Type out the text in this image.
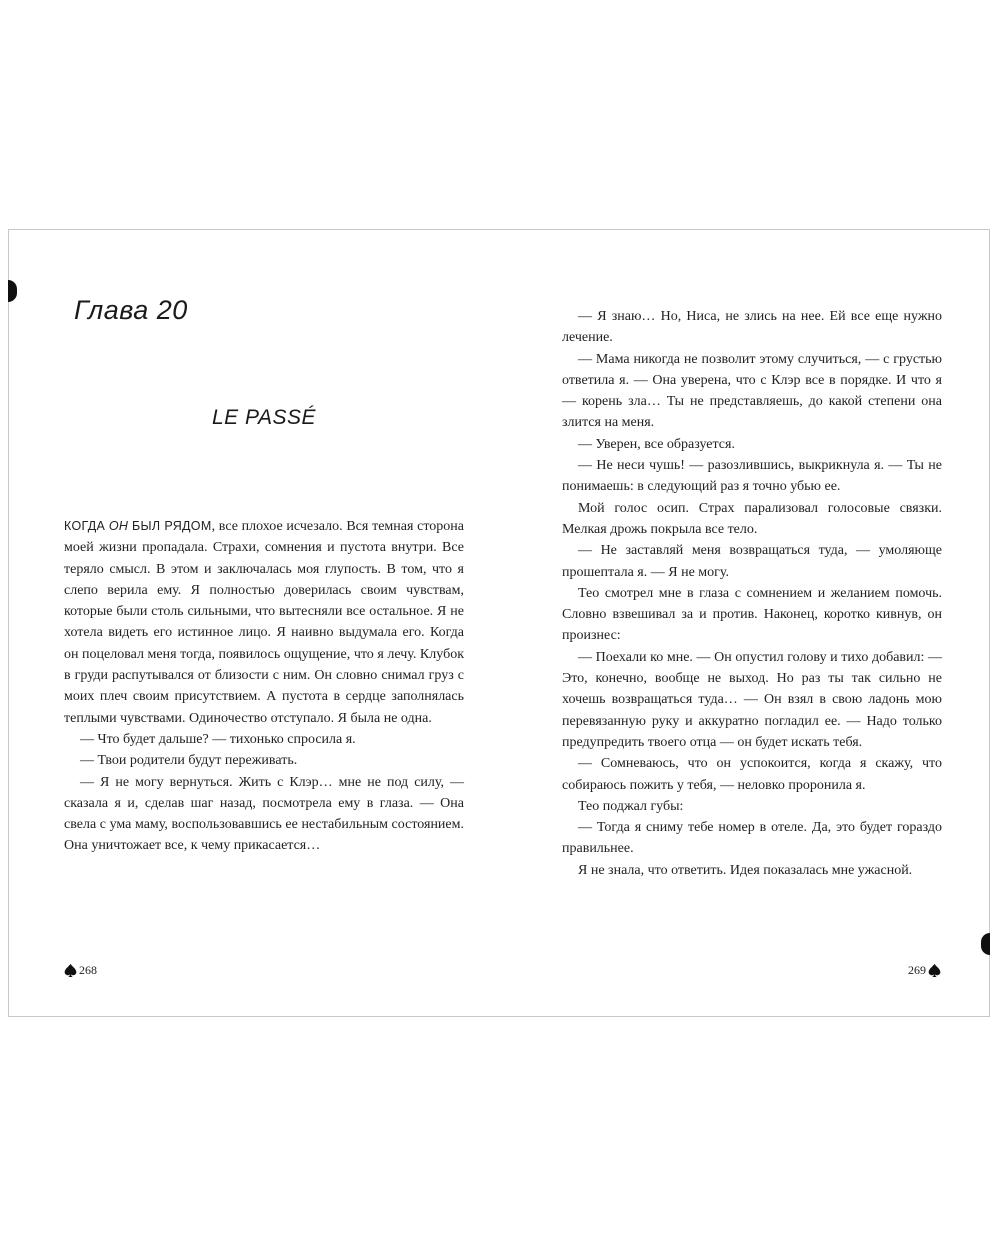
Глава 20
LE PASSÉ

КОГДА ОН БЫЛ РЯДОМ, все плохое исчезало. Вся темная сторона моей жизни пропадала. Страхи, сомнения и пустота внутри. Все теряло смысл. В этом и заключалась моя глупость. В том, что я слепо верила ему. Я полностью доверилась своим чувствам, которые были столь сильными, что вытесняли все остальное. Я не хотела видеть его истинное лицо. Я наивно выдумала его. Когда он поцеловал меня тогда, появилось ощущение, что я лечу. Клубок в груди распутывался от близости с ним. Он словно снимал груз с моих плеч своим присутствием. А пустота в сердце заполнялась теплыми чувствами. Одиночество отступало. Я была не одна.

— Что будет дальше? — тихонько спросила я.

— Твои родители будут переживать.

— Я не могу вернуться. Жить с Клэр… мне не под силу, — сказала я и, сделав шаг назад, посмотрела ему в глаза. — Она свела с ума маму, воспользовавшись ее нестабильным состоянием. Она уничтожает все, к чему прикасается…

— Я знаю… Но, Ниса, не злись на нее. Ей все еще нужно лечение.

— Мама никогда не позволит этому случиться, — с грустью ответила я. — Она уверена, что с Клэр все в порядке. И что я — корень зла… Ты не представляешь, до какой степени она злится на меня.

— Уверен, все образуется.

— Не неси чушь! — разозлившись, выкрикнула я. — Ты не понимаешь: в следующий раз я точно убью ее.

Мой голос осип. Страх парализовал голосовые связки. Мелкая дрожь покрыла все тело.

— Не заставляй меня возвращаться туда, — умоляюще прошептала я. — Я не могу.

Тео смотрел мне в глаза с сомнением и желанием помочь. Словно взвешивал за и против. Наконец, коротко кивнув, он произнес:

— Поехали ко мне. — Он опустил голову и тихо добавил: — Это, конечно, вообще не выход. Но раз ты так сильно не хочешь возвращаться туда… — Он взял в свою ладонь мою перевязанную руку и аккуратно погладил ее. — Надо только предупредить твоего отца — он будет искать тебя.

— Сомневаюсь, что он успокоится, когда я скажу, что собираюсь пожить у тебя, — неловко проронила я.

Тео поджал губы:

— Тогда я сниму тебе номер в отеле. Да, это будет гораздо правильнее.

Я не знала, что ответить. Идея показалась мне ужасной.

268	269
